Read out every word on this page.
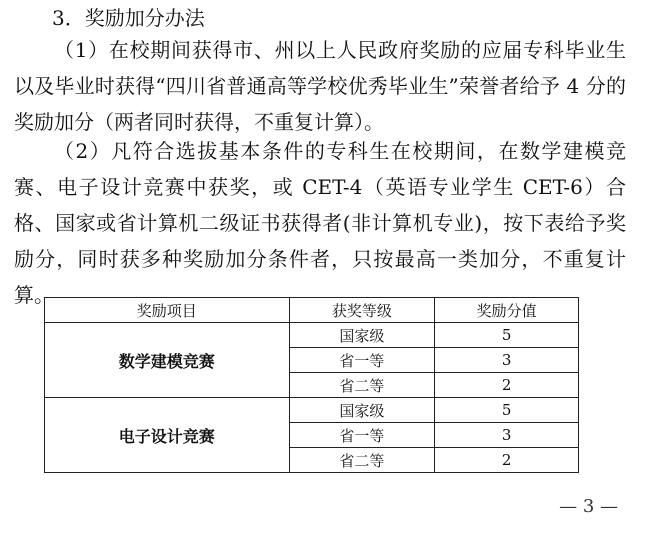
3．奖励加分办法

（1）在校期间获得市、州以上人民政府奖励的应届专科毕业生以及毕业时获得“四川省普通高等学校优秀毕业生”荣誉者给予 4 分的奖励加分（两者同时获得，不重复计算）。

（2）凡符合选拔基本条件的专科生在校期间，在数学建模竞赛、电子设计竞赛中获奖，或 CET-4（英语专业学生 CET-6）合格、国家或省计算机二级证书获得者(非计算机专业)，按下表给予奖励分，同时获多种奖励加分条件者，只按最高一类加分，不重复计算。

奖励项目	获奖等级	奖励分值
数学建模竞赛	国家级	5
	省一等	3
	省二等	2
电子设计竞赛	国家级	5
	省一等	3
	省二等	2
— 3 —
